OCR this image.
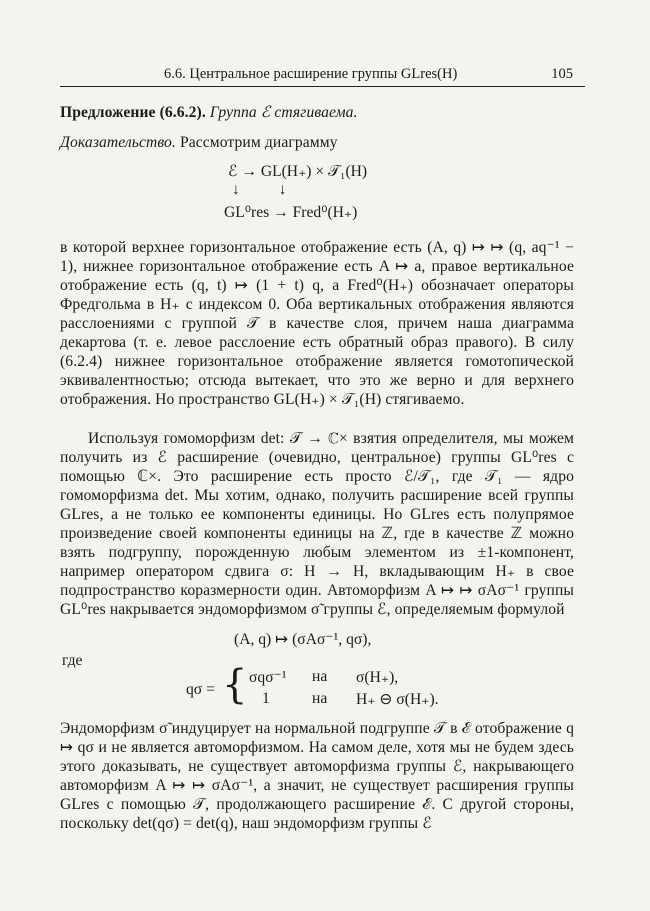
6.6. Центральное расширение группы GLres(H)	105

Предложение (6.6.2). Группа ℰ стягиваема.

Доказательство. Рассмотрим диаграмму

ℰ → GL(H₊) × 𝒯₁(H)
↓          ↓
GL⁰res → Fred⁰(H₊)

в которой верхнее горизонтальное отображение есть (A, q) ↦ ↦ (q, aq⁻¹ − 1), нижнее горизонтальное отображение есть A ↦ a, правое вертикальное отображение есть (q, t) ↦ (1 + t) q, а Fred⁰(H₊) обозначает операторы Фредгольма в H₊ с индексом 0. Оба вертикальных отображения являются расслоениями с группой 𝒯 в качестве слоя, причем наша диаграмма декартова (т. е. левое расслоение есть обратный образ правого). В силу (6.2.4) нижнее горизонтальное отображение является гомотопической эквивалентностью; отсюда вытекает, что это же верно и для верхнего отображения. Но пространство GL(H₊) × 𝒯₁(H) стягиваемо.

Используя гомоморфизм det: 𝒯 → ℂ× взятия определителя, мы можем получить из ℰ расширение (очевидно, центральное) группы GL⁰res с помощью ℂ×. Это расширение есть просто ℰ/𝒯₁, где 𝒯₁ — ядро гомоморфизма det. Мы хотим, однако, получить расширение всей группы GLres, а не только ее компоненты единицы. Но GLres есть полупрямое произведение своей компоненты единицы на ℤ, где в качестве ℤ можно взять подгруппу, порожденную любым элементом из ±1-компонент, например оператором сдвига σ: H → H, вкладывающим H₊ в свое подпространство коразмерности один. Автоморфизм A ↦ ↦ σAσ⁻¹ группы GL⁰res накрывается эндоморфизмом σ̃ группы ℰ, определяемым формулой

(A, q) ↦ (σAσ⁻¹, qσ),
где
qσ = { σqσ⁻¹ на σ(H₊),
1	на H₊ ⊖ σ(H₊).

Эндоморфизм σ̃ индуцирует на нормальной подгруппе 𝒯 в ℰ отображение q ↦ qσ и не является автоморфизмом. На самом деле, хотя мы не будем здесь этого доказывать, не существует автоморфизма группы ℰ, накрывающего автоморфизм A ↦ ↦ σAσ⁻¹, а значит, не существует расширения группы GLres с помощью 𝒯, продолжающего расширение ℰ. С другой стороны, поскольку det(qσ) = det(q), наш эндоморфизм группы ℰ
